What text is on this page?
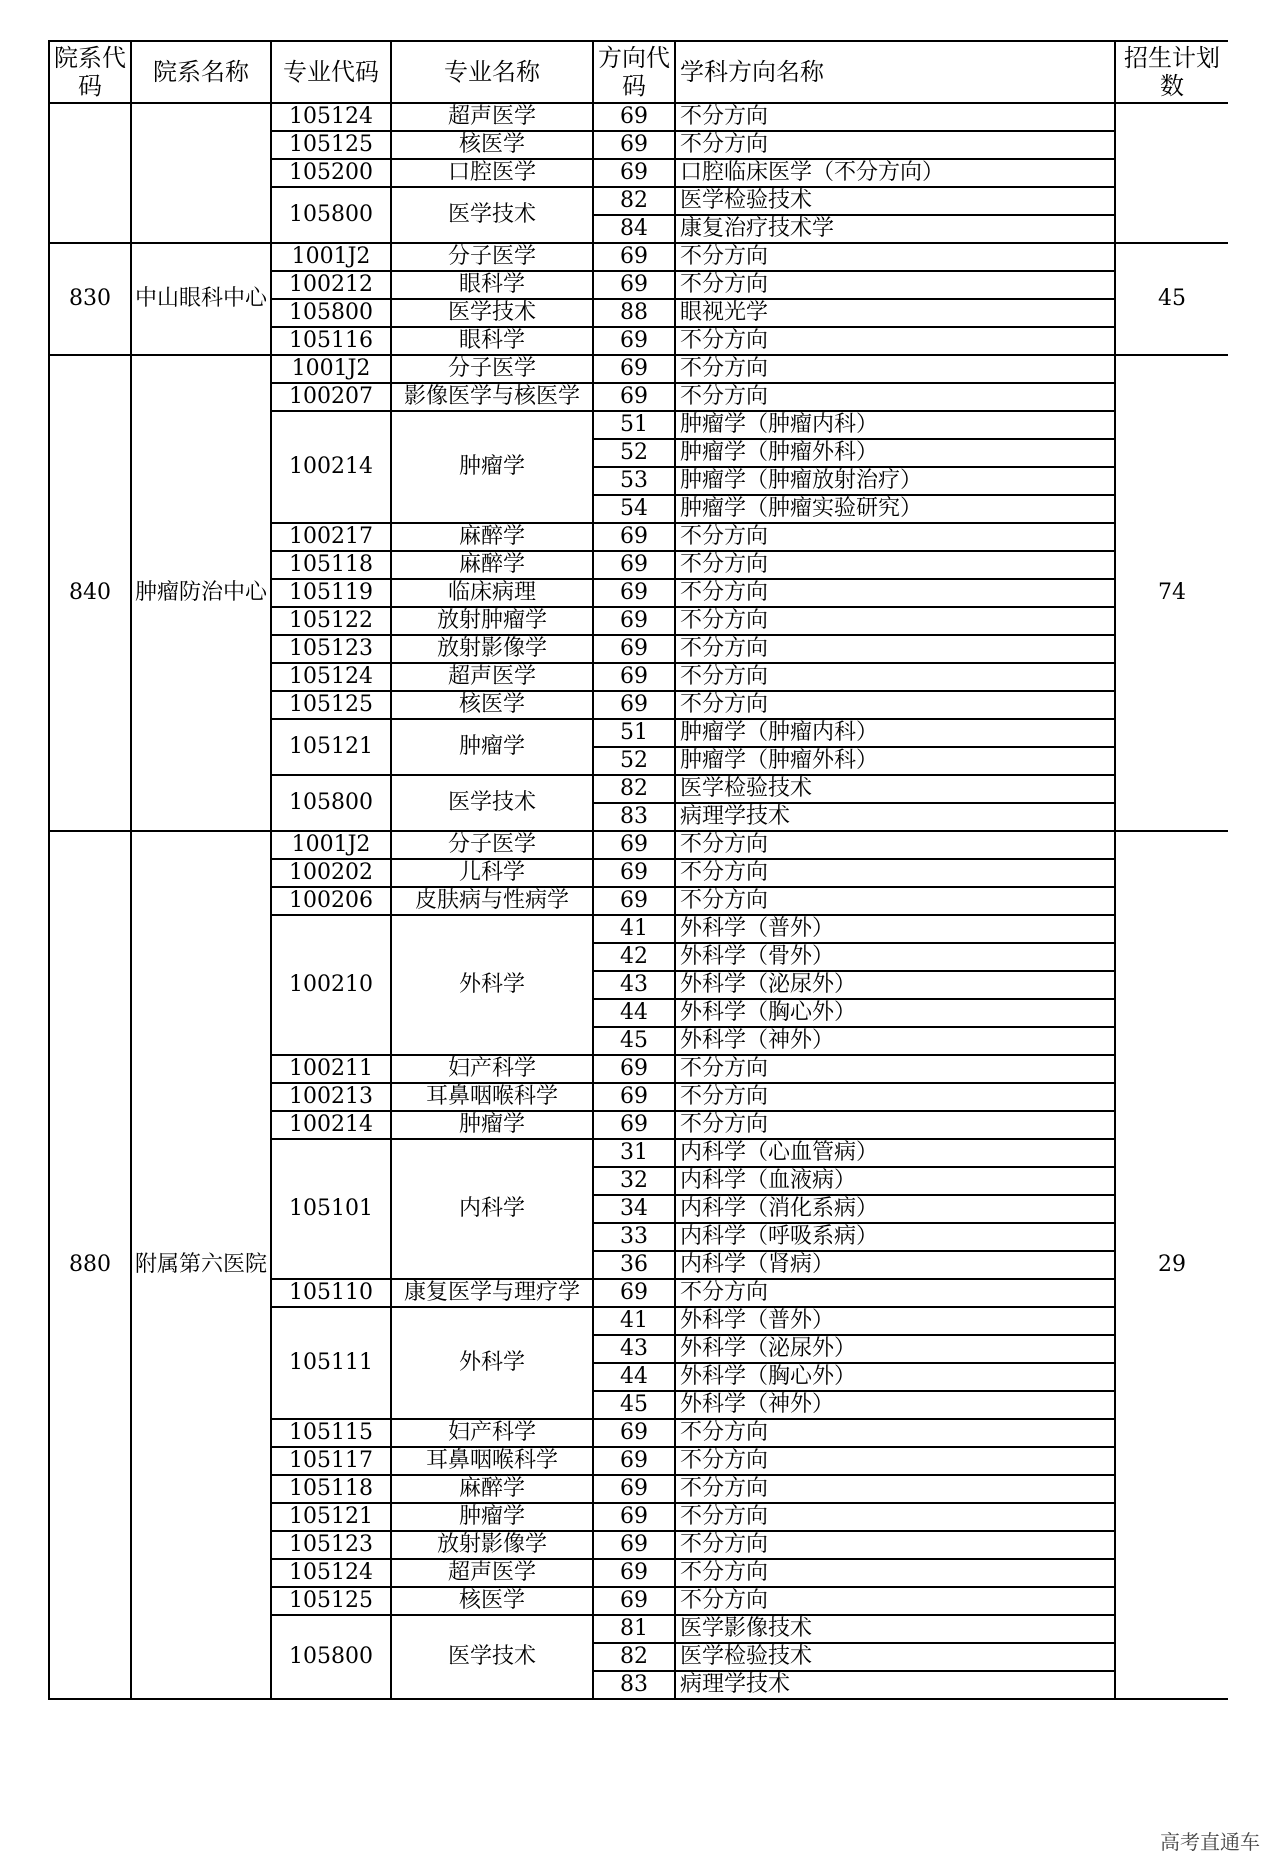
院系代码	院系名称	专业代码	专业名称	方向代码	学科方向名称	招生计划数
		105124	超声医学	69	不分方向	
		105125	核医学	69	不分方向	
		105200	口腔医学	69	口腔临床医学（不分方向）	
		105800	医学技术	82	医学检验技术	
				84	康复治疗技术学	
830	中山眼科中心	1001J2	分子医学	69	不分方向	45
		100212	眼科学	69	不分方向	
		105800	医学技术	88	眼视光学	
		105116	眼科学	69	不分方向	
840	肿瘤防治中心	1001J2	分子医学	69	不分方向	74
		100207	影像医学与核医学	69	不分方向	
		100214	肿瘤学	51	肿瘤学（肿瘤内科）	
				52	肿瘤学（肿瘤外科）	
				53	肿瘤学（肿瘤放射治疗）	
				54	肿瘤学（肿瘤实验研究）	
		100217	麻醉学	69	不分方向	
		105118	麻醉学	69	不分方向	
		105119	临床病理	69	不分方向	
		105122	放射肿瘤学	69	不分方向	
		105123	放射影像学	69	不分方向	
		105124	超声医学	69	不分方向	
		105125	核医学	69	不分方向	
		105121	肿瘤学	51	肿瘤学（肿瘤内科）	
				52	肿瘤学（肿瘤外科）	
		105800	医学技术	82	医学检验技术	
				83	病理学技术	
880	附属第六医院	1001J2	分子医学	69	不分方向	29
		100202	儿科学	69	不分方向	
		100206	皮肤病与性病学	69	不分方向	
		100210	外科学	41	外科学（普外）	
				42	外科学（骨外）	
				43	外科学（泌尿外）	
				44	外科学（胸心外）	
				45	外科学（神外）	
		100211	妇产科学	69	不分方向	
		100213	耳鼻咽喉科学	69	不分方向	
		100214	肿瘤学	69	不分方向	
		105101	内科学	31	内科学（心血管病）	
				32	内科学（血液病）	
				34	内科学（消化系病）	
				33	内科学（呼吸系病）	
				36	内科学（肾病）	
		105110	康复医学与理疗学	69	不分方向	
		105111	外科学	41	外科学（普外）	
				43	外科学（泌尿外）	
				44	外科学（胸心外）	
				45	外科学（神外）	
		105115	妇产科学	69	不分方向	
		105117	耳鼻咽喉科学	69	不分方向	
		105118	麻醉学	69	不分方向	
		105121	肿瘤学	69	不分方向	
		105123	放射影像学	69	不分方向	
		105124	超声医学	69	不分方向	
		105125	核医学	69	不分方向	
		105800	医学技术	81	医学影像技术	
				82	医学检验技术	
				83	病理学技术	
高考直通车
